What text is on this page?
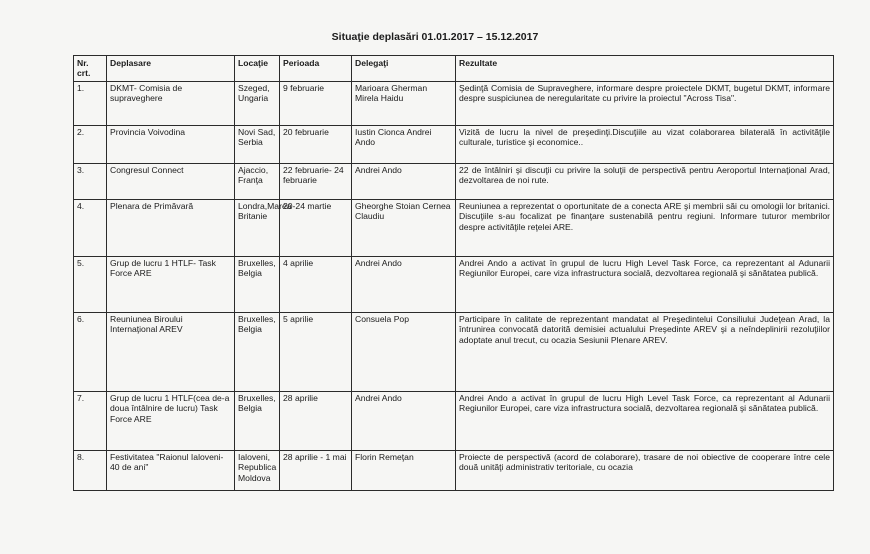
Situaţie deplasări 01.01.2017 – 15.12.2017
Nr. crt.	Deplasare	Locaţie	Perioada	Delegaţi	Rezultate
1.	DKMT- Comisia de supraveghere	Szeged, Ungaria	9 februarie	Marioara Gherman Mirela Haidu	Şedinţă Comisia de Supraveghere, informare despre proiectele DKMT, bugetul DKMT, informare despre suspiciunea de neregularitate cu privire la proiectul "Across Tisa".
2.	Provincia Voivodina	Novi Sad, Serbia	20 februarie	Iustin Cionca Andrei Ando	Vizită de lucru la nivel de preşedinţi.Discuţiile au vizat colaborarea bilaterală în activităţile culturale, turistice şi economice..
3.	Congresul Connect	Ajaccio, Franţa	22 februarie- 24 februarie	Andrei Ando	22 de întâlniri şi discuţii cu privire la soluţii de perspectivă pentru Aeroportul Internaţional Arad, dezvoltarea de noi rute.
4.	Plenara de Primăvară	Londra,Marea Britanie	20-24 martie	Gheorghe Stoian Cernea Claudiu	Reuniunea a reprezentat o oportunitate de a conecta ARE şi membrii săi cu omologii lor britanici. Discuţiile s-au focalizat pe finanţare sustenabilă pentru regiuni. Informare tuturor membrilor despre activităţile reţelei ARE.
5.	Grup de lucru 1 HTLF- Task Force ARE	Bruxelles, Belgia	4 aprilie	Andrei Ando	Andrei Ando a activat în grupul de lucru High Level Task Force, ca reprezentant al Adunarii Regiunilor Europei, care viza infrastructura socială, dezvoltarea regională şi sănătatea publică.
6.	Reuniunea Biroului Internaţional AREV	Bruxelles, Belgia	5 aprilie	Consuela Pop	Participare în calitate de reprezentant mandatat al Preşedintelui Consiliului Judeţean Arad, la întrunirea convocată datorită demisiei actualului Preşedinte AREV şi a neîndeplinirii rezoluţiilor adoptate anul trecut, cu ocazia Sesiunii Plenare AREV.
7.	Grup de lucru 1 HTLF(cea de-a doua întâlnire de lucru) Task Force ARE	Bruxelles, Belgia	28 aprilie	Andrei Ando	Andrei Ando a activat în grupul de lucru High Level Task Force, ca reprezentant al Adunarii Regiunilor Europei, care viza infrastructura socială, dezvoltarea regională şi sănătatea publică.
8.	Festivitatea "Raionul Ialoveni- 40 de ani"	Ialoveni, Republica Moldova	28 aprilie - 1 mai	Florin Remeţan	Proiecte de perspectivă (acord de colaborare), trasare de noi obiective de cooperare între cele două unităţi administrativ teritoriale, cu ocazia
